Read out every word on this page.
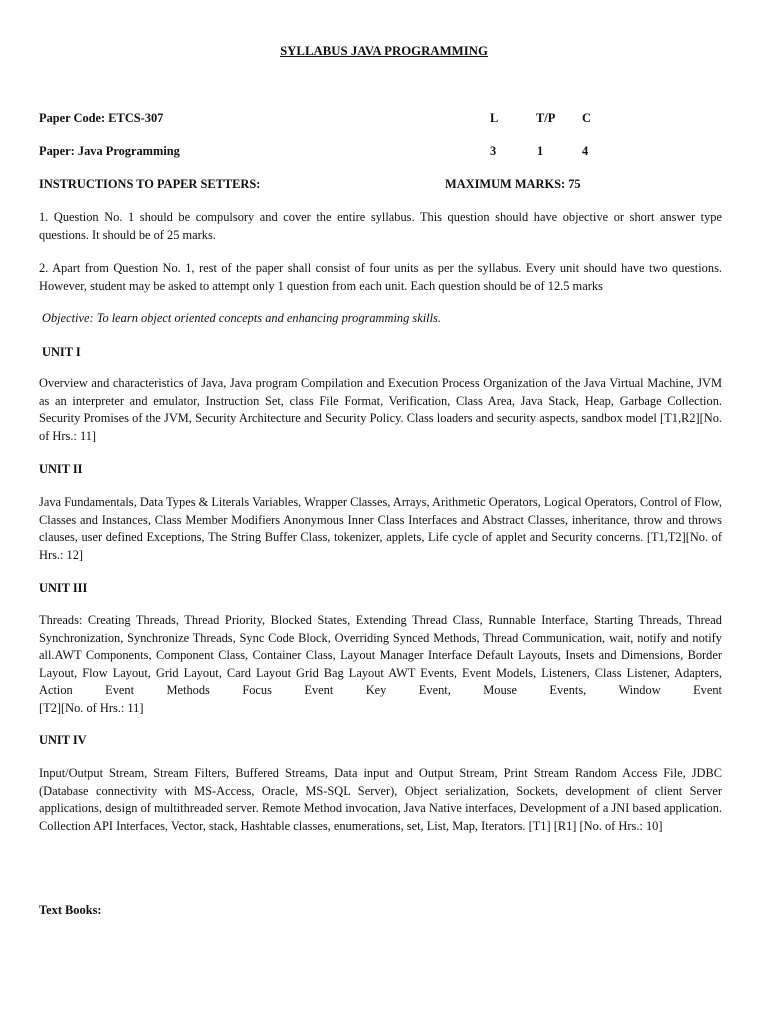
SYLLABUS JAVA PROGRAMMING
Paper Code: ETCS-307	L	T/P C
Paper: Java Programming	3	1	4
INSTRUCTIONS TO PAPER SETTERS:	MAXIMUM MARKS: 75
1. Question No. 1 should be compulsory and cover the entire syllabus. This question should have objective or short answer type questions. It should be of 25 marks.
2. Apart from Question No. 1, rest of the paper shall consist of four units as per the syllabus. Every unit should have two questions. However, student may be asked to attempt only 1 question from each unit. Each question should be of 12.5 marks
Objective: To learn object oriented concepts and enhancing programming skills.
UNIT I
Overview and characteristics of Java, Java program Compilation and Execution Process Organization of the Java Virtual Machine, JVM as an interpreter and emulator, Instruction Set, class File Format, Verification, Class Area, Java Stack, Heap, Garbage Collection. Security Promises of the JVM, Security Architecture and Security Policy. Class loaders and security aspects, sandbox model [T1,R2][No. of Hrs.: 11]
UNIT II
Java Fundamentals, Data Types & Literals Variables, Wrapper Classes, Arrays, Arithmetic Operators, Logical Operators, Control of Flow, Classes and Instances, Class Member Modifiers Anonymous Inner Class Interfaces and Abstract Classes, inheritance, throw and throws clauses, user defined Exceptions, The String Buffer Class, tokenizer, applets, Life cycle of applet and Security concerns. [T1,T2][No. of Hrs.: 12]
UNIT III
Threads: Creating Threads, Thread Priority, Blocked States, Extending Thread Class, Runnable Interface, Starting Threads, Thread Synchronization, Synchronize Threads, Sync Code Block, Overriding Synced Methods, Thread Communication, wait, notify and notify all.AWT Components, Component Class, Container Class, Layout Manager Interface Default Layouts, Insets and Dimensions, Border Layout, Flow Layout, Grid Layout, Card Layout Grid Bag Layout AWT Events, Event Models, Listeners, Class Listener, Adapters, Action Event Methods Focus Event Key Event, Mouse Events, Window Event
[T2][No. of Hrs.: 11]
UNIT IV
Input/Output Stream, Stream Filters, Buffered Streams, Data input and Output Stream, Print Stream Random Access File, JDBC (Database connectivity with MS-Access, Oracle, MS-SQL Server), Object serialization, Sockets, development of client Server applications, design of multithreaded server. Remote Method invocation, Java Native interfaces, Development of a JNI based application. Collection API Interfaces, Vector, stack, Hashtable classes, enumerations, set, List, Map, Iterators. [T1] [R1] [No. of Hrs.: 10]
Text Books:
